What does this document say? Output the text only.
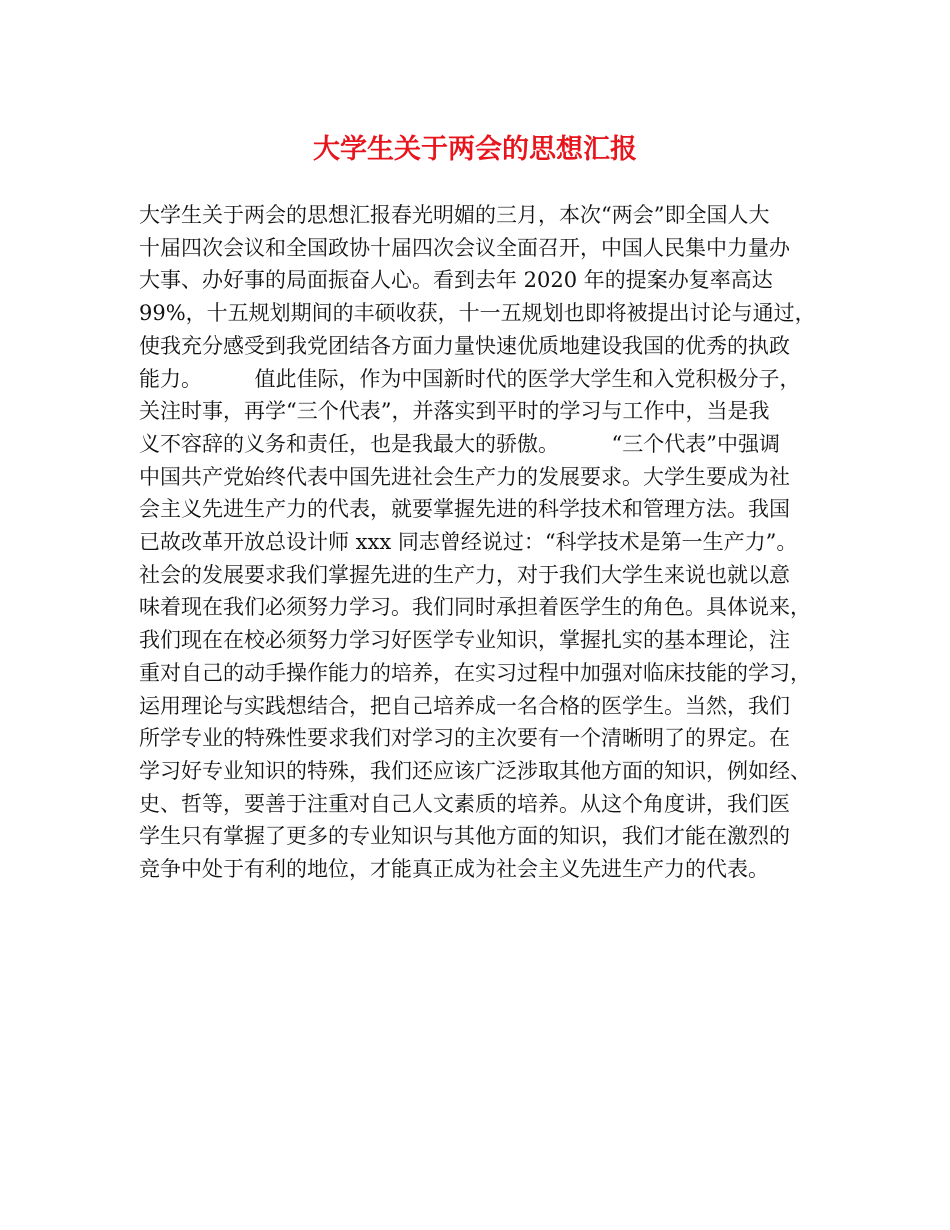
大学生关于两会的思想汇报
大学生关于两会的思想汇报春光明媚的三月，本次“两会”即全国人大
十届四次会议和全国政协十届四次会议全面召开，中国人民集中力量办
大事、办好事的局面振奋人心。看到去年 2020 年的提案办复率高达
99%，十五规划期间的丰硕收获，十一五规划也即将被提出讨论与通过，
使我充分感受到我党团结各方面力量快速优质地建设我国的优秀的执政
能力。　　　值此佳际，作为中国新时代的医学大学生和入党积极分子，
关注时事，再学“三个代表”，并落实到平时的学习与工作中，当是我
义不容辞的义务和责任，也是我最大的骄傲。　　　“三个代表”中强调
中国共产党始终代表中国先进社会生产力的发展要求。大学生要成为社
会主义先进生产力的代表，就要掌握先进的科学技术和管理方法。我国
已故改革开放总设计师 xxx 同志曾经说过：“科学技术是第一生产力”。
社会的发展要求我们掌握先进的生产力，对于我们大学生来说也就以意
味着现在我们必须努力学习。我们同时承担着医学生的角色。具体说来，
我们现在在校必须努力学习好医学专业知识，掌握扎实的基本理论，注
重对自己的动手操作能力的培养，在实习过程中加强对临床技能的学习，
运用理论与实践想结合，把自己培养成一名合格的医学生。当然，我们
所学专业的特殊性要求我们对学习的主次要有一个清晰明了的界定。在
学习好专业知识的特殊，我们还应该广泛涉取其他方面的知识，例如经、
史、哲等，要善于注重对自己人文素质的培养。从这个角度讲，我们医
学生只有掌握了更多的专业知识与其他方面的知识，我们才能在激烈的
竞争中处于有利的地位，才能真正成为社会主义先进生产力的代表。
